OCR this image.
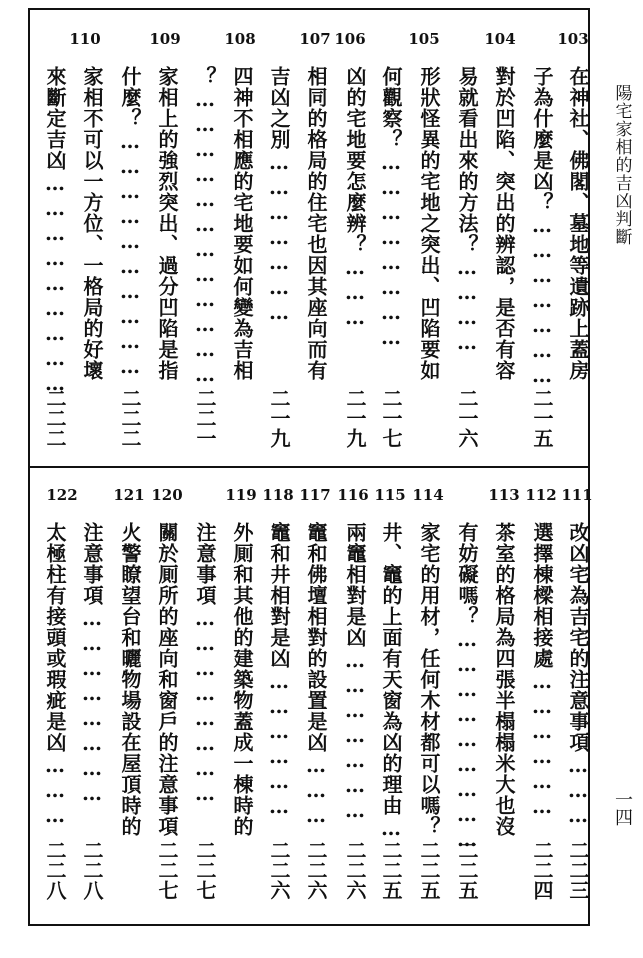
103
104
105
106
107
108
109
110
在神社、佛閣、墓地等遺跡上蓋房
子為什麼是凶？…………………
二一五
對於凹陷、突出的辨認，是否有容
易就看出來的方法？…………
二一六
形狀怪異的宅地之突出、凹陷要如
何觀察？……………………
二一七
凶的宅地要怎麼辨？………
二一九
相同的格局的住宅也因其座向而有
吉凶之別…………………
二一九
四神不相應的宅地要如何變為吉相
？………………………………
二二一
家相上的強烈突出、過分凹陷是指
什麼？…………………………
二二二
家相不可以一方位、一格局的好壞
來斷定吉凶………………………
二二二
111
112
113
114
115
116
117
118
119
120
121
122
改凶宅為吉宅的注意事項………
二二三
選擇棟樑相接處………………
二二四
茶室的格局為四張半榻榻米大也沒
有妨礙嗎？………………………
二二五
家宅的用材，任何木材都可以嗎？
二二五
井、竈的上面有天窗為凶的理由…
二二五
兩竈相對是凶…………………
二二六
竈和佛壇相對的設置是凶………
二二六
竈和井相對是凶………………
二二六
外厠和其他的建築物蓋成一棟時的
注意事項……………………
二二七
關於厠所的座向和窗戶的注意事項
二二七
火警瞭望台和曬物場設在屋頂時的
注意事項……………………
二二八
太極柱有接頭或瑕疵是凶………
二二八
陽宅家相的吉凶判斷
一四
